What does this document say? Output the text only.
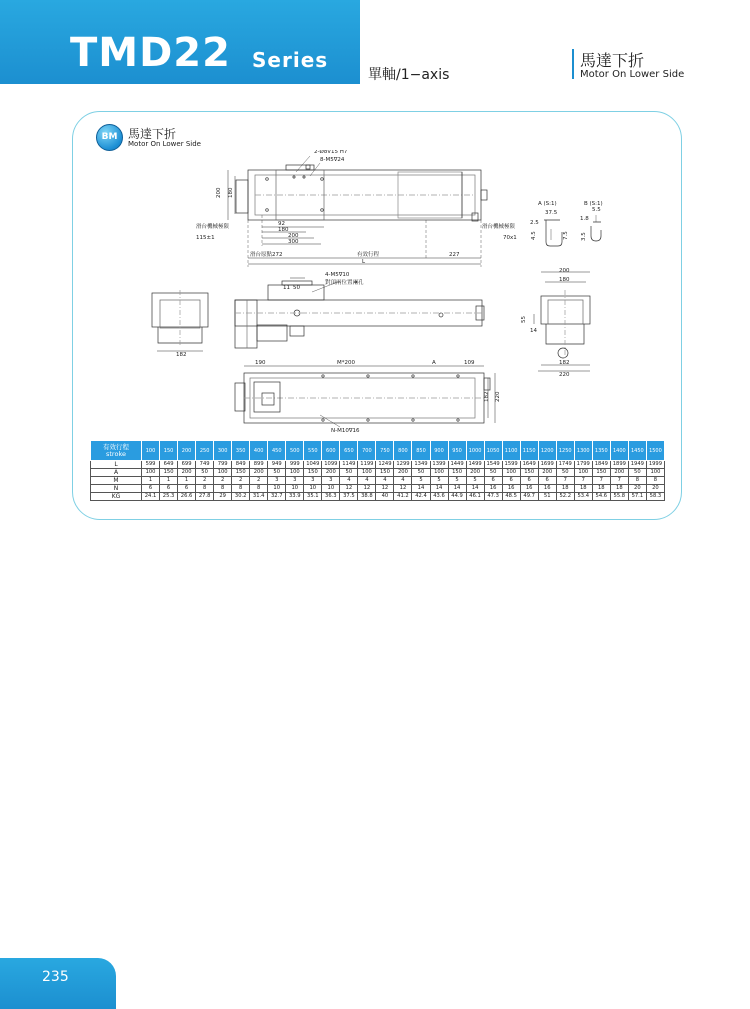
TMD22 Series
單軸/1−axis
馬達下折
Motor On Lower Side
BM 馬達下折
Motor On Lower Side
2-Ø8∇15 H7
8-M5∇24
200 180
滑台機械極限	滑台機械極限
92
180
200
300
115±1	70x1
滑台原點272	有效行程	227
L
A (S:1)
37.5
2.5
4.5	7.5
B (S:1)
5.5
1.8
3.5
4-M5∇10
對頂兩位置兩孔
11 50
182
55
14
200
180
182
220
190	M*200	A	109
182 220
N-M10∇16
有效行程
stroke	100	150	200	250	300	350	400	450	500	550	600	650	700	750	800	850	900	950	1000	1050	1100	1150	1200	1250	1300	1350	1400	1450	1500
L	599	649	699	749	799	849	899	949	999	1049	1099	1149	1199	1249	1299	1349	1399	1449	1499	1549	1599	1649	1699	1749	1799	1849	1899	1949	1999
A	100	150	200	50	100	150	200	50	100	150	200	50	100	150	200	50	100	150	200	50	100	150	200	50	100	150	200	50	100
M	1	1	1	2	2	2	2	3	3	3	3	4	4	4	4	5	5	5	5	6	6	6	6	7	7	7	7	8	8
N	6	6	6	8	8	8	8	10	10	10	10	12	12	12	12	14	14	14	14	16	16	16	16	18	18	18	18	20	20
KG	24.1	25.3	26.6	27.8	29	30.2	31.4	32.7	33.9	35.1	36.3	37.5	38.8	40	41.2	42.4	43.6	44.9	46.1	47.3	48.5	49.7	51	52.2	53.4	54.6	55.8	57.1	58.3
235
